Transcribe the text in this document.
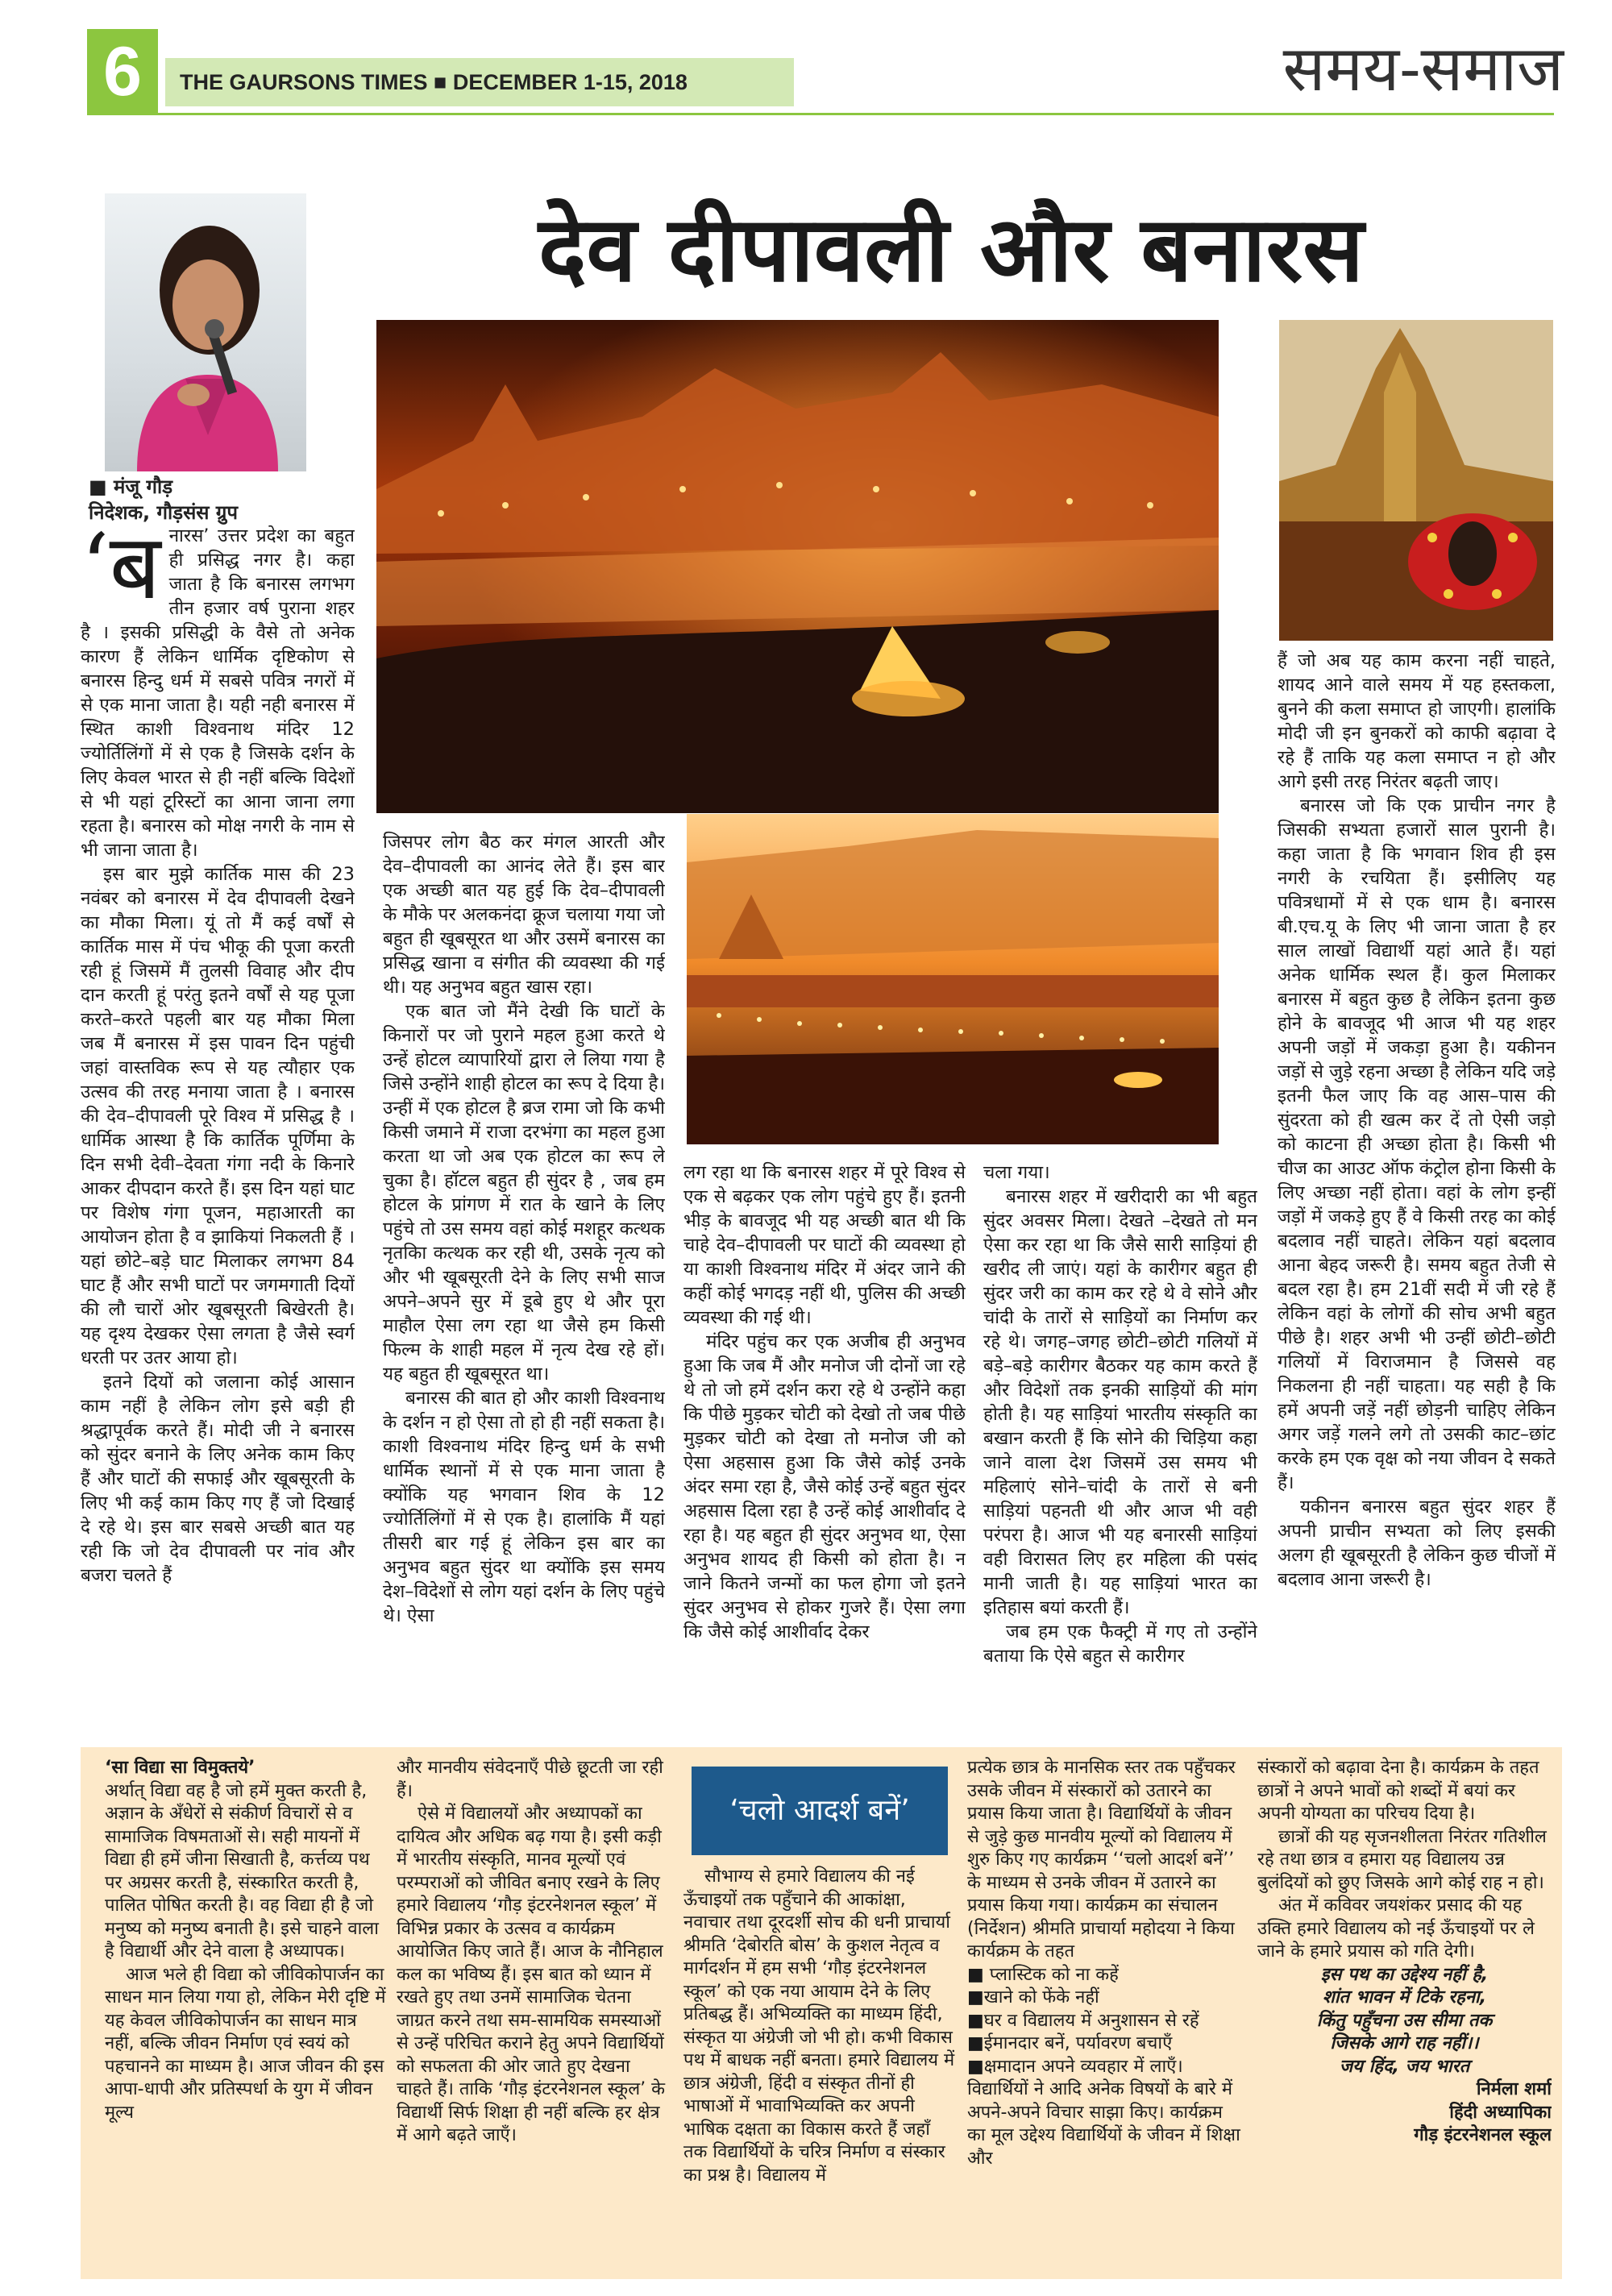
6	THE GAURSONS TIMES ■ DECEMBER 1-15, 2018	समय-समाज
देव दीपावली और बनारस
■ मंजू गौड़
निदेशक, गौड़संस ग्रुप
‘ब नारस’ उत्तर प्रदेश का बहुत ही प्रसिद्ध नगर है। कहा जाता है कि बनारस लगभग तीन हजार वर्ष पुराना शहर है । इसकी प्रसिद्धी के वैसे तो अनेक कारण हैं लेकिन धार्मिक दृष्टिकोण से बनारस हिन्दु धर्म में सबसे पवित्र नगरों में से एक माना जाता है। यही नही बनारस में स्थित काशी विश्वनाथ मंदिर 12 ज्योर्तिलिंगों में से एक है जिसके दर्शन के लिए केवल भारत से ही नहीं बल्कि विदेशों से भी यहां टूरिस्टों का आना जाना लगा रहता है। बनारस को मोक्ष नगरी के नाम से भी जाना जाता है।

इस बार मुझे कार्तिक मास की 23 नवंबर को बनारस में देव दीपावली देखने का मौका मिला। यूं तो मैं कई वर्षों से कार्तिक मास में पंच भीकू की पूजा करती रही हूं जिसमें मैं तुलसी विवाह और दीप दान करती हूं परंतु इतने वर्षों से यह पूजा करते–करते पहली बार यह मौका मिला जब मैं बनारस में इस पावन दिन पहुंची जहां वास्तविक रूप से यह त्यौहार एक उत्सव की तरह मनाया जाता है । बनारस की देव–दीपावली पूरे विश्व में प्रसिद्ध है । धार्मिक आस्था है कि कार्तिक पूर्णिमा के दिन सभी देवी–देवता गंगा नदी के किनारे आकर दीपदान करते हैं। इस दिन यहां घाट पर विशेष गंगा पूजन, महाआरती का आयोजन होता है व झाकियां निकलती हैं । यहां छोटे–बड़े घाट मिलाकर लगभग 84 घाट हैं और सभी घाटों पर जगमगाती दियों की लौ चारों ओर खूबसूरती बिखेरती है। यह दृश्य देखकर ऐसा लगता है जैसे स्वर्ग धरती पर उतर आया हो।

इतने दियों को जलाना कोई आसान काम नहीं है लेकिन लोग इसे बड़ी ही श्रद्धापूर्वक करते हैं। मोदी जी ने बनारस को सुंदर बनाने के लिए अनेक काम किए हैं और घाटों की सफाई और खूबसूरती के लिए भी कई काम किए गए हैं जो दिखाई दे रहे थे। इस बार सबसे अच्छी बात यह रही कि जो देव दीपावली पर नांव और बजरा चलते हैं

जिसपर लोग बैठ कर मंगल आरती और देव–दीपावली का आनंद लेते हैं। इस बार एक अच्छी बात यह हुई कि देव–दीपावली के मौके पर अलकनंदा क्रूज चलाया गया जो बहुत ही खूबसूरत था और उसमें बनारस का प्रसिद्ध खाना व संगीत की व्यवस्था की गई थी। यह अनुभव बहुत खास रहा।

एक बात जो मैंने देखी कि घाटों के किनारों पर जो पुराने महल हुआ करते थे उन्हें होटल व्यापारियों द्वारा ले लिया गया है जिसे उन्होंने शाही होटल का रूप दे दिया है। उन्हीं में एक होटल है ब्रज रामा जो कि कभी किसी जमाने में राजा दरभंगा का महल हुआ करता था जो अब एक होटल का रूप ले चुका है। हॉटल बहुत ही सुंदर है , जब हम होटल के प्रांगण में रात के खाने के लिए पहुंचे तो उस समय वहां कोई मशहूर कत्थक नृतकिा कत्थक कर रही थी, उसके नृत्य को और भी खूबसूरती देने के लिए सभी साज अपने–अपने सुर में डूबे हुए थे और पूरा माहौल ऐसा लग रहा था जैसे हम किसी फिल्म के शाही महल में नृत्य देख रहे हों। यह बहुत ही खूबसूरत था।

बनारस की बात हो और काशी विश्वनाथ के दर्शन न हो ऐसा तो हो ही नहीं सकता है। काशी विश्वनाथ मंदिर हिन्दु धर्म के सभी धार्मिक स्थानों में से एक माना जाता है क्योंकि यह भगवान शिव के 12 ज्योर्तिलिंगों में से एक है। हालांकि मैं यहां तीसरी बार गई हूं लेकिन इस बार का अनुभव बहुत सुंदर था क्योंकि इस समय देश–विदेशों से लोग यहां दर्शन के लिए पहुंचे थे। ऐसा

लग रहा था कि बनारस शहर में पूरे विश्व से एक से बढ़कर एक लोग पहुंचे हुए हैं। इतनी भीड़ के बावजूद भी यह अच्छी बात थी कि चाहे देव–दीपावली पर घाटों की व्यवस्था हो या काशी विश्वनाथ मंदिर में अंदर जाने की कहीं कोई भगदड़ नहीं थी, पुलिस की अच्छी व्यवस्था की गई थी।

मंदिर पहुंच कर एक अजीब ही अनुभव हुआ कि जब मैं और मनोज जी दोनों जा रहे थे तो जो हमें दर्शन करा रहे थे उन्होंने कहा कि पीछे मुड़कर चोटी को देखो तो जब पीछे मुड़कर चोटी को देखा तो मनोज जी को ऐसा अहसास हुआ कि जैसे कोई उनके अंदर समा रहा है, जैसे कोई उन्हें बहुत सुंदर अहसास दिला रहा है उन्हें कोई आशीर्वाद दे रहा है। यह बहुत ही सुंदर अनुभव था, ऐसा अनुभव शायद ही किसी को होता है। न जाने कितने जन्मों का फल होगा जो इतने सुंदर अनुभव से होकर गुजरे हैं। ऐसा लगा कि जैसे कोई आशीर्वाद देकर

चला गया।

बनारस शहर में खरीदारी का भी बहुत सुंदर अवसर मिला। देखते –देखते तो मन ऐसा कर रहा था कि जैसे सारी साड़ियां ही खरीद ली जाएं। यहां के कारीगर बहुत ही सुंदर जरी का काम कर रहे थे वे सोने और चांदी के तारों से साड़ियों का निर्माण कर रहे थे। जगह–जगह छोटी–छोटी गलियों में बड़े–बड़े कारीगर बैठकर यह काम करते हैं और विदेशों तक इनकी साड़ियों की मांग होती है। यह साड़ियां भारतीय संस्कृति का बखान करती हैं कि सोने की चिड़िया कहा जाने वाला देश जिसमें उस समय भी महिलाएं सोने–चांदी के तारों से बनी साड़ियां पहनती थी और आज भी वही परंपरा है। आज भी यह बनारसी साड़ियां वही विरासत लिए हर महिला की पसंद मानी जाती है। यह साड़ियां भारत का इतिहास बयां करती हैं।

जब हम एक फैक्ट्री में गए तो उन्होंने बताया कि ऐसे बहुत से कारीगर

हैं जो अब यह काम करना नहीं चाहते, शायद आने वाले समय में यह हस्तकला, बुनने की कला समाप्त हो जाएगी। हालांकि मोदी जी इन बुनकरों को काफी बढ़ावा दे रहे हैं ताकि यह कला समाप्त न हो और आगे इसी तरह निरंतर बढ़ती जाए।

बनारस जो कि एक प्राचीन नगर है जिसकी सभ्यता हजारों साल पुरानी है। कहा जाता है कि भगवान शिव ही इस नगरी के रचयिता हैं। इसीलिए यह पवित्रधामों में से एक धाम है। बनारस बी.एच.यू के लिए भी जाना जाता है हर साल लाखों विद्यार्थी यहां आते हैं। यहां अनेक धार्मिक स्थल हैं। कुल मिलाकर बनारस में बहुत कुछ है लेकिन इतना कुछ होने के बावजूद भी आज भी यह शहर अपनी जड़ों में जकड़ा हुआ है। यकीनन जड़ों से जुड़े रहना अच्छा है लेकिन यदि जड़े इतनी फैल जाए कि वह आस–पास की सुंदरता को ही खत्म कर दें तो ऐसी जड़ो को काटना ही अच्छा होता है। किसी भी चीज का आउट ऑफ कंट्रोल होना किसी के लिए अच्छा नहीं होता। वहां के लोग इन्हीं जड़ों में जकड़े हुए हैं वे किसी तरह का कोई बदलाव नहीं चाहते। लेकिन यहां बदलाव आना बेहद जरूरी है। समय बहुत तेजी से बदल रहा है। हम 21वीं सदी में जी रहे हैं लेकिन वहां के लोगों की सोच अभी बहुत पीछे है। शहर अभी भी उन्हीं छोटी–छोटी गलियों में विराजमान है जिससे वह निकलना ही नहीं चाहता। यह सही है कि हमें अपनी जड़ें नहीं छोड़नी चाहिए लेकिन अगर जड़ें गलने लगे तो उसकी काट–छांट करके हम एक वृक्ष को नया जीवन दे सकते हैं।

यकीनन बनारस बहुत सुंदर शहर हैं अपनी प्राचीन सभ्यता को लिए इसकी अलग ही खूबसूरती है लेकिन कुछ चीजों में बदलाव आना जरूरी है।

‘चलो आदर्श बनें’

‘सा विद्या सा विमुक्तये’

अर्थात् विद्या वह है जो हमें मुक्त करती है, अज्ञान के अँधेरों से संकीर्ण विचारों से व सामाजिक विषमताओं से। सही मायनों में विद्या ही हमें जीना सिखाती है, कर्त्तव्य पथ पर अग्रसर करती है, संस्कारित करती है, पालित पोषित करती है। वह विद्या ही है जो मनुष्य को मनुष्य बनाती है। इसे चाहने वाला है विद्यार्थी और देने वाला है अध्यापक।

आज भले ही विद्या को जीविकोपार्जन का साधन मान लिया गया हो, लेकिन मेरी दृष्टि में यह केवल जीविकोपार्जन का साधन मात्र नहीं, बल्कि जीवन निर्माण एवं स्वयं को पहचानने का माध्यम है। आज जीवन की इस आपा-धापी और प्रतिस्पर्धा के युग में जीवन मूल्य

और मानवीय संवेदनाएँ पीछे छूटती जा रही हैं।

ऐसे में विद्यालयों और अध्यापकों का दायित्व और अधिक बढ़ गया है। इसी कड़ी में भारतीय संस्कृति, मानव मूल्यों एवं परम्पराओं को जीवित बनाए रखने के लिए हमारे विद्यालय ‘गौड़ इंटरनेशनल स्कूल’ में विभिन्न प्रकार के उत्सव व कार्यक्रम आयोजित किए जाते हैं। आज के नौनिहाल कल का भविष्य हैं। इस बात को ध्यान में रखते हुए तथा उनमें सामाजिक चेतना जाग्रत करने तथा सम-सामयिक समस्याओं से उन्हें परिचित कराने हेतु अपने विद्यार्थियों को सफलता की ओर जाते हुए देखना चाहते हैं। ताकि ‘गौड़ इंटरनेशनल स्कूल’ के विद्यार्थी सिर्फ शिक्षा ही नहीं बल्कि हर क्षेत्र में आगे बढ़ते जाएँ।

सौभाग्य से हमारे विद्यालय की नई ऊँचाइयों तक पहुँचाने की आकांक्षा, नवाचार तथा दूरदर्शी सोच की धनी प्राचार्या श्रीमति ‘देबोरति बोस’ के कुशल नेतृत्व व मार्गदर्शन में हम सभी ‘गौड़ इंटरनेशनल स्कूल’ को एक नया आयाम देने के लिए प्रतिबद्ध हैं। अभिव्यक्ति का माध्यम हिंदी, संस्कृत या अंग्रेजी जो भी हो। कभी विकास पथ में बाधक नहीं बनता। हमारे विद्यालय में छात्र अंग्रेजी, हिंदी व संस्कृत तीनों ही भाषाओं में भावाभिव्यक्ति कर अपनी भाषिक दक्षता का विकास करते हैं जहाँ तक विद्यार्थियों के चरित्र निर्माण व संस्कार का प्रश्न है। विद्यालय में

प्रत्येक छात्र के मानसिक स्तर तक पहुँचकर उसके जीवन में संस्कारों को उतारने का प्रयास किया जाता है। विद्यार्थियों के जीवन से जुड़े कुछ मानवीय मूल्यों को विद्यालय में शुरु किए गए कार्यक्रम ‘‘चलो आदर्श बनें’’ के माध्यम से उनके जीवन में उतारने का प्रयास किया गया। कार्यक्रम का संचालन (निर्देशन) श्रीमति प्राचार्या महोदया ने किया कार्यक्रम के तहत

■ प्लास्टिक को ना कहें

■खाने को फेंके नहीं

■घर व विद्यालय में अनुशासन से रहें ■ईमानदार बनें, पर्यावरण बचाएँ

■क्षमादान अपने व्यवहार में लाएँ।

विद्यार्थियों ने आदि अनेक विषयों के बारे में अपने-अपने विचार साझा किए। कार्यक्रम का मूल उद्देश्य विद्यार्थियों के जीवन में शिक्षा और

संस्कारों को बढ़ावा देना है। कार्यक्रम के तहत छात्रों ने अपने भावों को शब्दों में बयां कर अपनी योग्यता का परिचय दिया है।

छात्रों की यह सृजनशीलता निरंतर गतिशील रहे तथा छात्र व हमारा यह विद्यालय उन्न बुलंदियों को छुए जिसके आगे कोई राह न हो।

अंत में कविवर जयशंकर प्रसाद की यह उक्ति हमारे विद्यालय को नई ऊँचाइयों पर ले जाने के हमारे प्रयास को गति देगी।

इस पथ का उद्देश्य नहीं है,

शांत भावन में टिके रहना,

किंतु पहुँचना उस सीमा तक

जिसके आगे राह नहीं।।

जय हिंद, जय भारत

निर्मला शर्मा

हिंदी अध्यापिका

गौड़ इंटरनेशनल स्कूल
